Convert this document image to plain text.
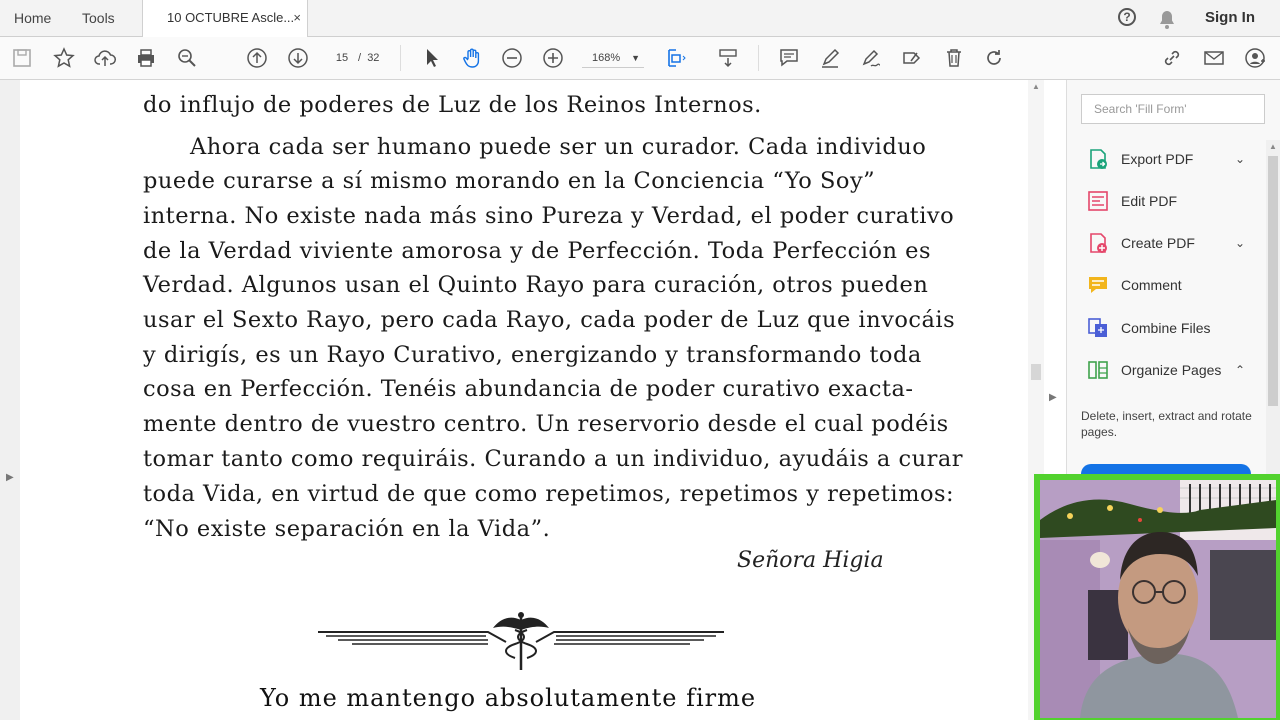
Home Tools	10 OCTUBRE Ascle... ×	?	Sign In
15 / 32	168% ▼
▶
do influjo de poderes de Luz de los Reinos Internos.
Ahora cada ser humano puede ser un curador. Cada individuo
puede curarse a sí mismo morando en la Conciencia “Yo Soy”
interna. No existe nada más sino Pureza y Verdad, el poder curativo
de la Verdad viviente amorosa y de Perfección. Toda Perfección es
Verdad. Algunos usan el Quinto Rayo para curación, otros pueden
usar el Sexto Rayo, pero cada Rayo, cada poder de Luz que invocáis
y dirigís, es un Rayo Curativo, energizando y transformando toda
cosa en Perfección. Tenéis abundancia de poder curativo exacta-
mente dentro de vuestro centro. Un reservorio desde el cual podéis
tomar tanto como requiráis. Curando a un individuo, ayudáis a curar
toda Vida, en virtud de que como repetimos, repetimos y repetimos:
“No existe separación en la Vida”.
Señora Higia
Yo me mantengo absolutamente firme
▲
▶
Search 'Fill Form'
Export PDF	⌄
Edit PDF
Create PDF	⌄
Comment
Combine Files
Organize Pages ⌃
Delete, insert, extract and rotate pages.
▲
